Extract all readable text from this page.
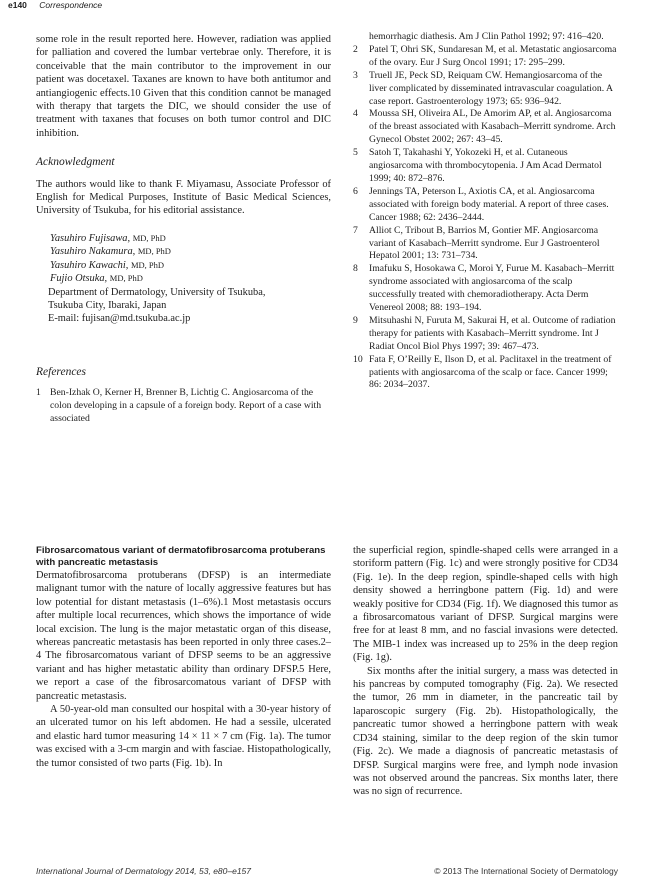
e140 Correspondence

some role in the result reported here. However, radiation was applied for palliation and covered the lumbar vertebrae only. Therefore, it is conceivable that the main contributor to the improvement in our patient was docetaxel. Taxanes are known to have both antitumor and antiangiogenic effects.10 Given that this condition cannot be managed with therapy that targets the DIC, we should consider the use of treatment with taxanes that focuses on both tumor control and DIC inhibition.

Acknowledgment

The authors would like to thank F. Miyamasu, Associate Professor of English for Medical Purposes, Institute of Basic Medical Sciences, University of Tsukuba, for his editorial assistance.

Yasuhiro Fujisawa, MD, PhD
Yasuhiro Nakamura, MD, PhD
Yasuhiro Kawachi, MD, PhD
Fujio Otsuka, MD, PhD
Department of Dermatology, University of Tsukuba,
Tsukuba City, Ibaraki, Japan
E-mail: fujisan@md.tsukuba.ac.jp

References

1 Ben-Izhak O, Kerner H, Brenner B, Lichtig C. Angiosarcoma of the colon developing in a capsule of a foreign body. Report of a case with associated
hemorrhagic diathesis. Am J Clin Pathol 1992; 97: 416–420.
2	Patel T, Ohri SK, Sundaresan M, et al. Metastatic angiosarcoma of the ovary. Eur J Surg Oncol 1991; 17: 295–299.
3	Truell JE, Peck SD, Reiquam CW. Hemangiosarcoma of the liver complicated by disseminated intravascular coagulation. A case report. Gastroenterology 1973; 65: 936–942.
4	Moussa SH, Oliveira AL, De Amorim AP, et al. Angiosarcoma of the breast associated with Kasabach–Merritt syndrome. Arch Gynecol Obstet 2002; 267: 43–45.
5	Satoh T, Takahashi Y, Yokozeki H, et al. Cutaneous angiosarcoma with thrombocytopenia. J Am Acad Dermatol 1999; 40: 872–876.
6	Jennings TA, Peterson L, Axiotis CA, et al. Angiosarcoma associated with foreign body material. A report of three cases. Cancer 1988; 62: 2436–2444.
7	Alliot C, Tribout B, Barrios M, Gontier MF. Angiosarcoma variant of Kasabach–Merritt syndrome. Eur J Gastroenterol Hepatol 2001; 13: 731–734.
8	Imafuku S, Hosokawa C, Moroi Y, Furue M. Kasabach–Merritt syndrome associated with angiosarcoma of the scalp successfully treated with chemoradiotherapy. Acta Derm Venereol 2008; 88: 193–194.
9	Mitsuhashi N, Furuta M, Sakurai H, et al. Outcome of radiation therapy for patients with Kasabach–Merritt syndrome. Int J Radiat Oncol Biol Phys 1997; 39: 467–473.
10 Fata F, O’Reilly E, Ilson D, et al. Paclitaxel in the treatment of patients with angiosarcoma of the scalp or face. Cancer 1999; 86: 2034–2037.

Fibrosarcomatous variant of dermatofibrosarcoma protuberans with pancreatic metastasis

Dermatofibrosarcoma protuberans (DFSP) is an intermediate malignant tumor with the nature of locally aggressive features but has low potential for distant metastasis (1–6%).1 Most metastasis occurs after multiple local recurrences, which shows the importance of wide local excision. The lung is the major metastatic organ of this disease, whereas pancreatic metastasis has been reported in only three cases.2–4 The fibrosarcomatous variant of DFSP seems to be an aggressive variant and has higher metastatic ability than ordinary DFSP.5 Here, we report a case of the fibrosarcomatous variant of DFSP with pancreatic metastasis.

A 50-year-old man consulted our hospital with a 30-year history of an ulcerated tumor on his left abdomen. He had a sessile, ulcerated and elastic hard tumor measuring 14 × 11 × 7 cm (Fig. 1a). The tumor was excised with a 3-cm margin and with fasciae. Histopathologically, the tumor consisted of two parts (Fig. 1b). In

the superficial region, spindle-shaped cells were arranged in a storiform pattern (Fig. 1c) and were strongly positive for CD34 (Fig. 1e). In the deep region, spindle-shaped cells with high density showed a herringbone pattern (Fig. 1d) and were weakly positive for CD34 (Fig. 1f). We diagnosed this tumor as a fibrosarcomatous variant of DFSP. Surgical margins were free for at least 8 mm, and no fascial invasions were detected. The MIB-1 index was increased up to 25% in the deep region (Fig. 1g).

Six months after the initial surgery, a mass was detected in his pancreas by computed tomography (Fig. 2a). We resected the tumor, 26 mm in diameter, in the pancreatic tail by laparoscopic surgery (Fig. 2b). Histopathologically, the pancreatic tumor showed a herringbone pattern with weak CD34 staining, similar to the deep region of the skin tumor (Fig. 2c). We made a diagnosis of pancreatic metastasis of DFSP. Surgical margins were free, and lymph node invasion was not observed around the pancreas. Six months later, there was no sign of recurrence.

International Journal of Dermatology 2014, 53, e80–e157	© 2013 The International Society of Dermatology
